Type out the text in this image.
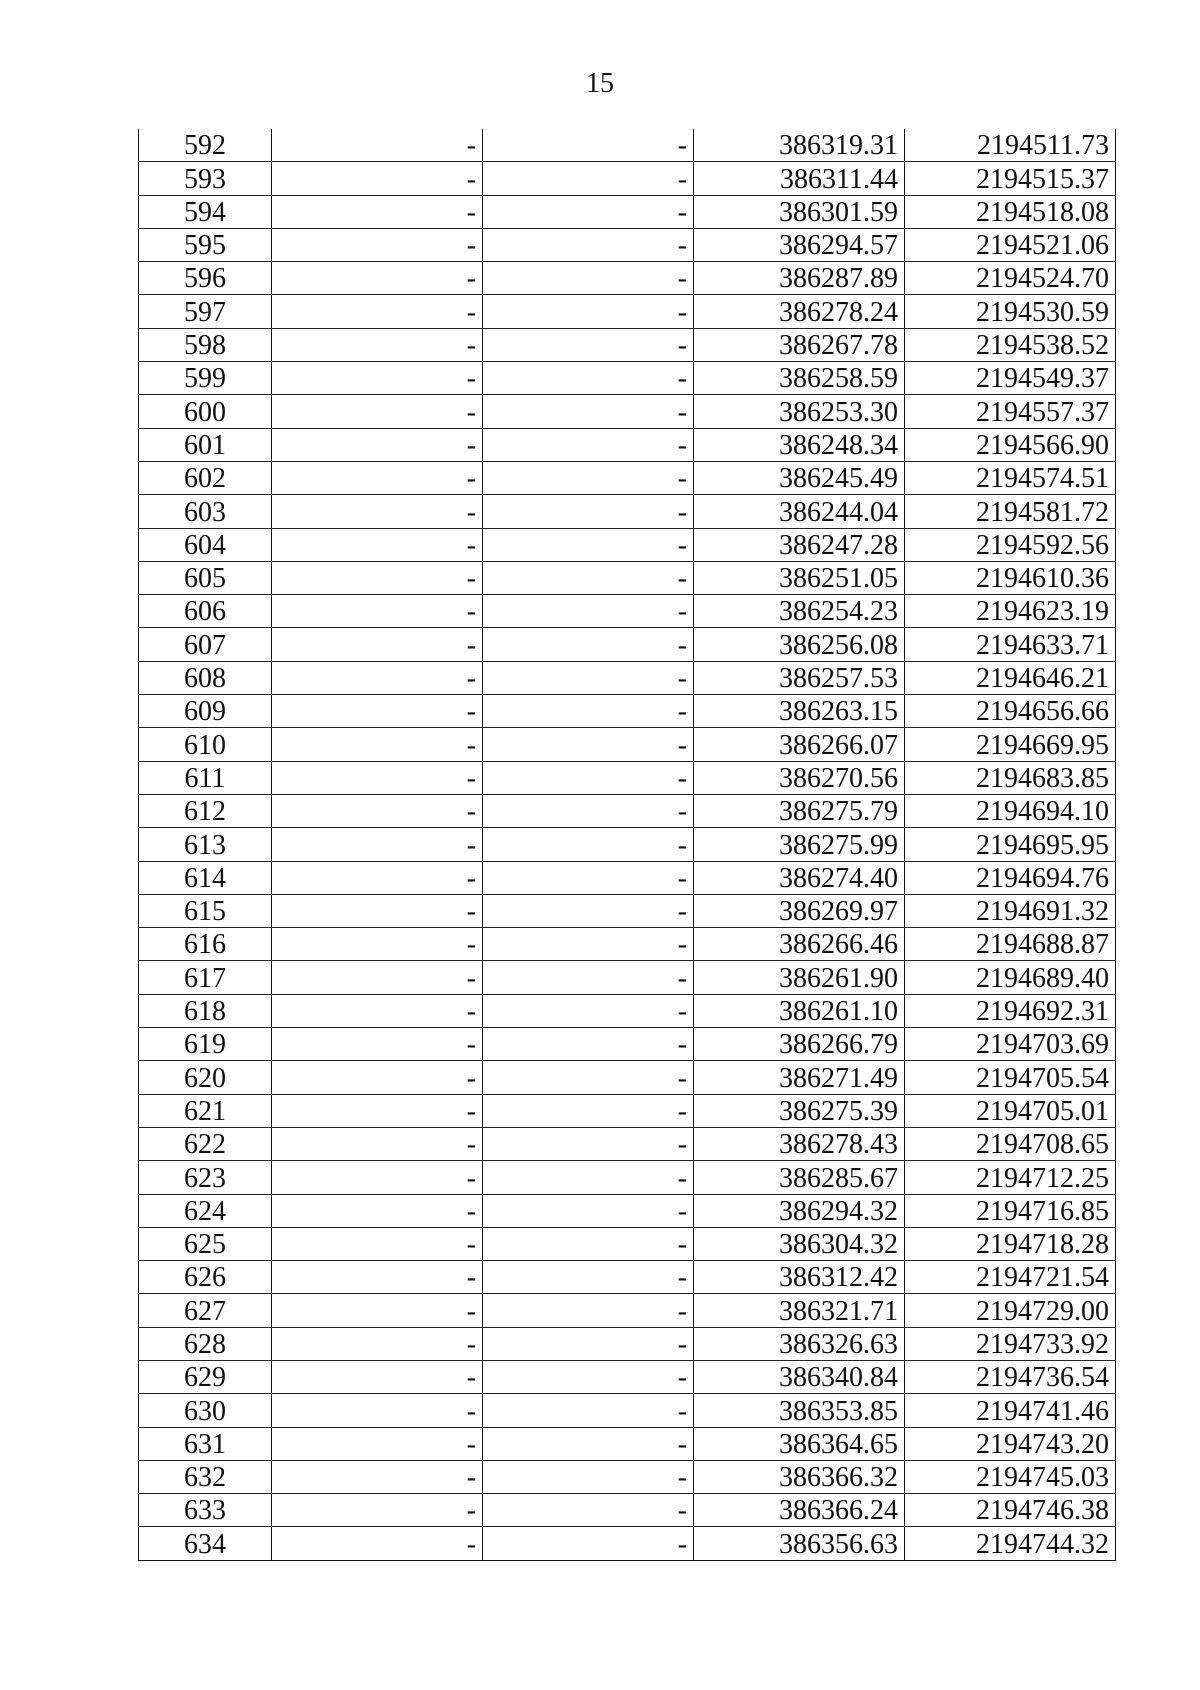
15
592	-	-	386319.31	2194511.73
593	-	-	386311.44	2194515.37
594	-	-	386301.59	2194518.08
595	-	-	386294.57	2194521.06
596	-	-	386287.89	2194524.70
597	-	-	386278.24	2194530.59
598	-	-	386267.78	2194538.52
599	-	-	386258.59	2194549.37
600	-	-	386253.30	2194557.37
601	-	-	386248.34	2194566.90
602	-	-	386245.49	2194574.51
603	-	-	386244.04	2194581.72
604	-	-	386247.28	2194592.56
605	-	-	386251.05	2194610.36
606	-	-	386254.23	2194623.19
607	-	-	386256.08	2194633.71
608	-	-	386257.53	2194646.21
609	-	-	386263.15	2194656.66
610	-	-	386266.07	2194669.95
611	-	-	386270.56	2194683.85
612	-	-	386275.79	2194694.10
613	-	-	386275.99	2194695.95
614	-	-	386274.40	2194694.76
615	-	-	386269.97	2194691.32
616	-	-	386266.46	2194688.87
617	-	-	386261.90	2194689.40
618	-	-	386261.10	2194692.31
619	-	-	386266.79	2194703.69
620	-	-	386271.49	2194705.54
621	-	-	386275.39	2194705.01
622	-	-	386278.43	2194708.65
623	-	-	386285.67	2194712.25
624	-	-	386294.32	2194716.85
625	-	-	386304.32	2194718.28
626	-	-	386312.42	2194721.54
627	-	-	386321.71	2194729.00
628	-	-	386326.63	2194733.92
629	-	-	386340.84	2194736.54
630	-	-	386353.85	2194741.46
631	-	-	386364.65	2194743.20
632	-	-	386366.32	2194745.03
633	-	-	386366.24	2194746.38
634	-	-	386356.63	2194744.32
